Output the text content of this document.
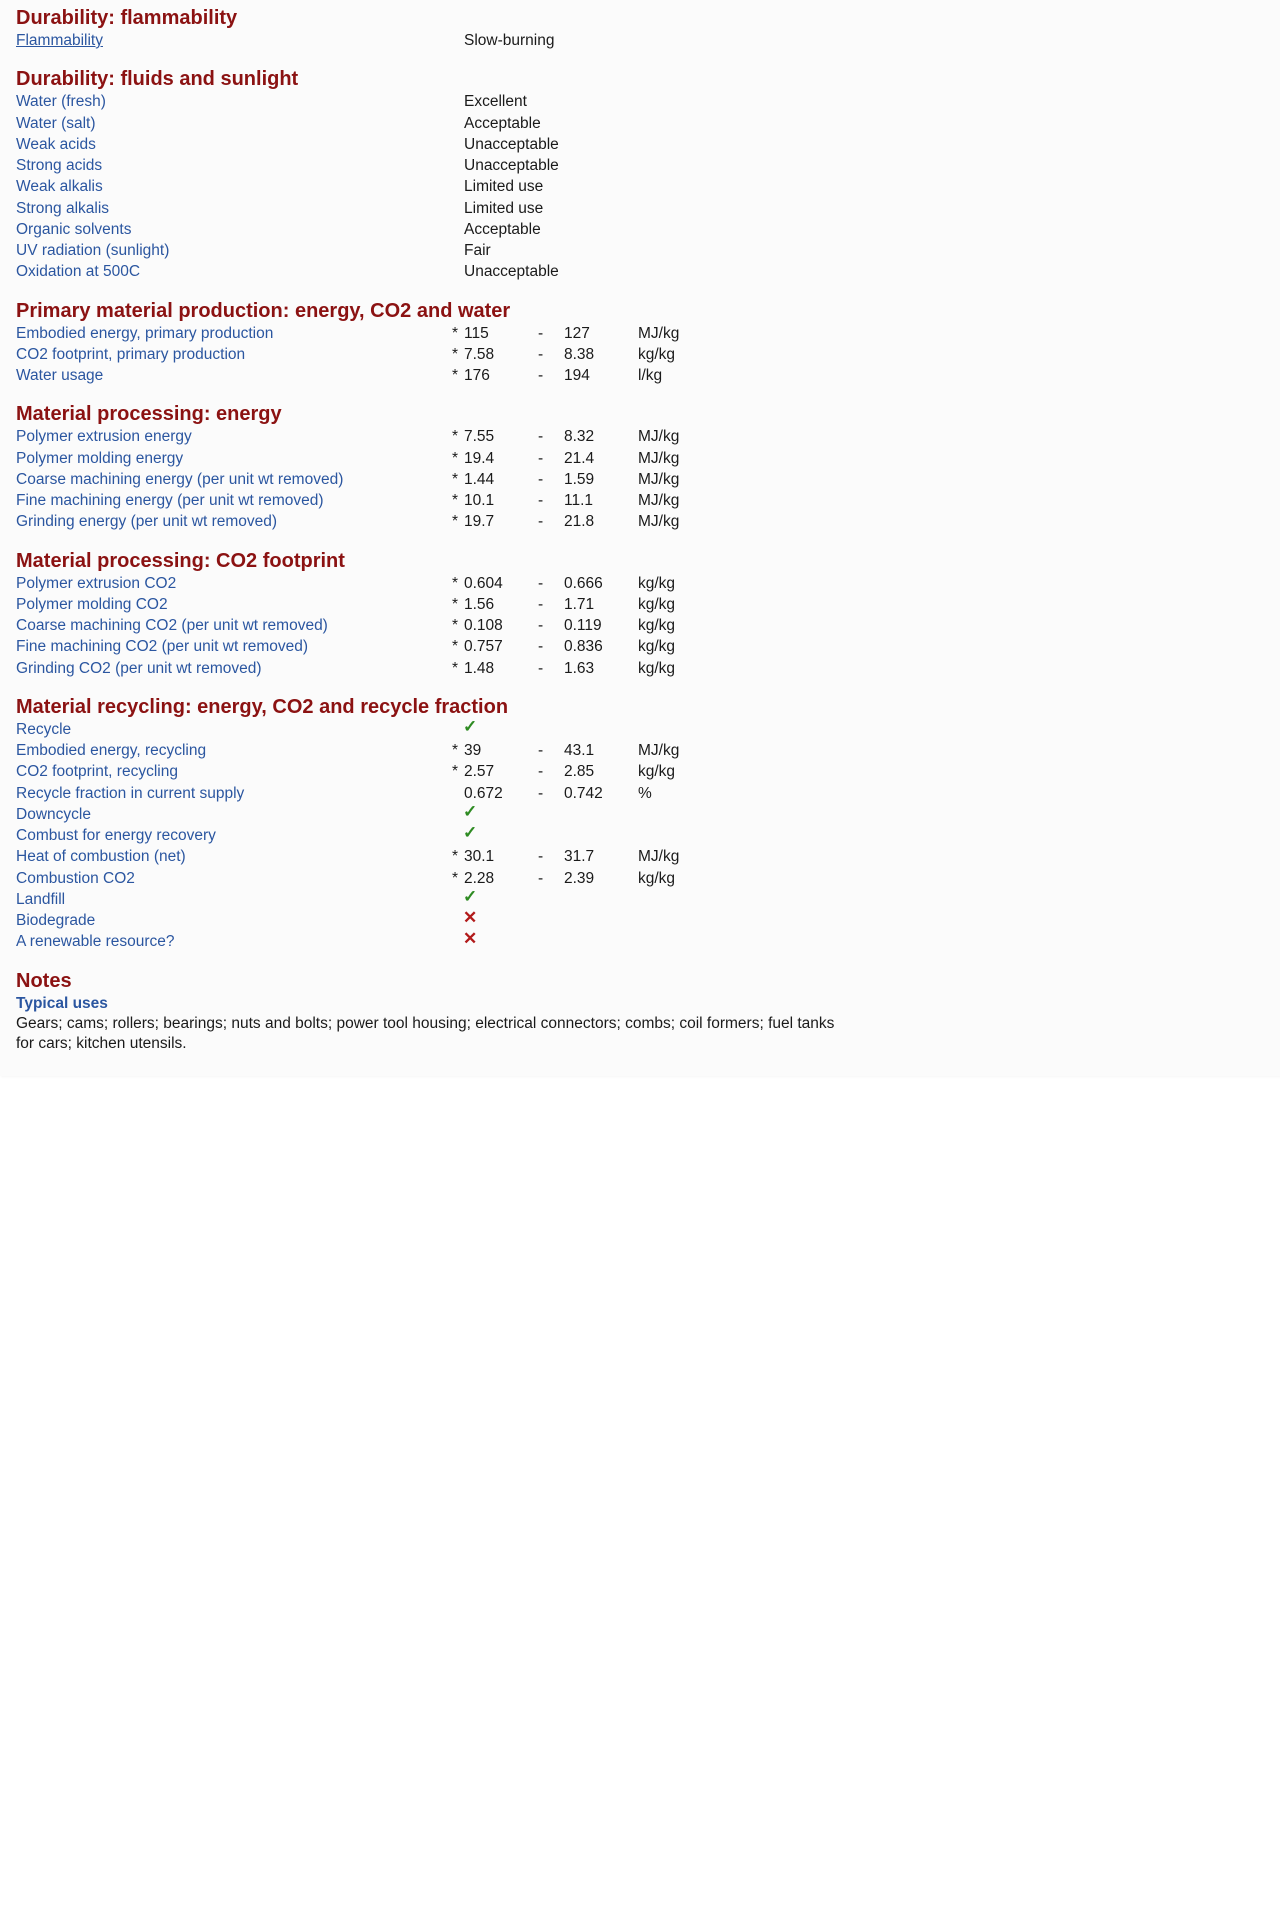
Durability: flammability
Flammability	Slow-burning
Durability: fluids and sunlight
Water (fresh)	Excellent
Water (salt)	Acceptable
Weak acids	Unacceptable
Strong acids	Unacceptable
Weak alkalis	Limited use
Strong alkalis	Limited use
Organic solvents	Acceptable
UV radiation (sunlight)	Fair
Oxidation at 500C	Unacceptable
Primary material production: energy, CO2 and water
Embodied energy, primary production	* 115	- 127	MJ/kg
CO2 footprint, primary production	* 7.58	- 8.38	kg/kg
Water usage	* 176	- 194	l/kg
Material processing: energy
Polymer extrusion energy	* 7.55	- 8.32	MJ/kg
Polymer molding energy	* 19.4	- 21.4	MJ/kg
Coarse machining energy (per unit wt removed)	* 1.44	- 1.59	MJ/kg
Fine machining energy (per unit wt removed)	* 10.1	- 11.1	MJ/kg
Grinding energy (per unit wt removed)	* 19.7	- 21.8	MJ/kg
Material processing: CO2 footprint
Polymer extrusion CO2	* 0.604 - 0.666 kg/kg
Polymer molding CO2	* 1.56	- 1.71	kg/kg
Coarse machining CO2 (per unit wt removed)	* 0.108 - 0.119 kg/kg
Fine machining CO2 (per unit wt removed)	* 0.757 - 0.836 kg/kg
Grinding CO2 (per unit wt removed)	* 1.48	- 1.63	kg/kg
Material recycling: energy, CO2 and recycle fraction
Recycle	✓
Embodied energy, recycling	* 39	- 43.1	MJ/kg
CO2 footprint, recycling	* 2.57	- 2.85	kg/kg
Recycle fraction in current supply	0.672 - 0.742 %
Downcycle	✓
Combust for energy recovery	✓
Heat of combustion (net)	* 30.1	- 31.7	MJ/kg
Combustion CO2	* 2.28	- 2.39	kg/kg
Landfill	✓
Biodegrade	✕
A renewable resource?	✕
Notes
Typical uses
Gears; cams; rollers; bearings; nuts and bolts; power tool housing; electrical connectors; combs; coil formers; fuel tanks for cars; kitchen utensils.
